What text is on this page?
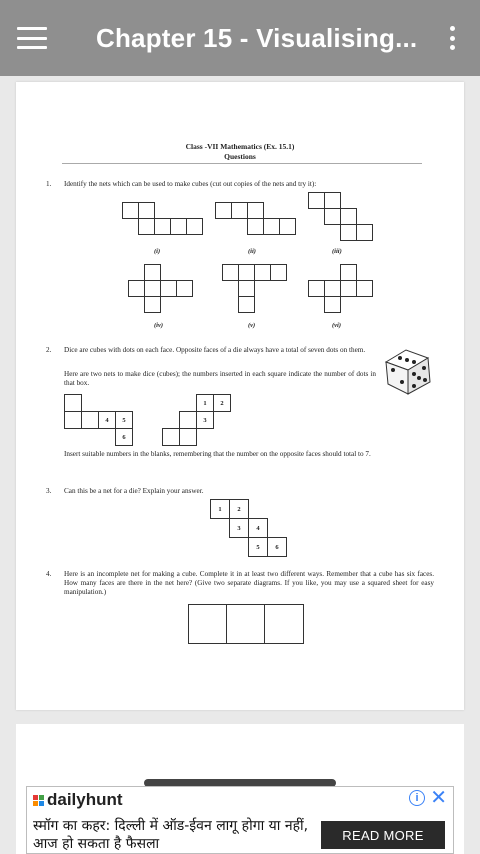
Chapter 15 - Visualising...
Class -VII Mathematics (Ex. 15.1)
Questions
1. Identify the nets which can be used to make cubes (cut out copies of the nets and try it):
(i)	(ii)	(iii)
(iv)	(v)	(vi)
2. Dice are cubes with dots on each face. Opposite faces of a die always have a total of seven dots on them.
Here are two nets to make dice (cubes); the numbers inserted in each square indicate the number of dots in that box.
4	5
6
1	2
3
Insert suitable numbers in the blanks, remembering that the number on the opposite faces should total to 7.
3. Can this be a net for a die? Explain your answer.
1	2
3	4
5	6
4. Here is an incomplete net for making a cube. Complete it in at least two different ways. Remember that a cube has six faces. How many faces are there in the net here? (Give two separate diagrams. If you like, you may use a squared sheet for easy manipulation.)
dailyhunt	i ✕
स्मॉग का कहर: दिल्ली में ऑड-ईवन लागू होगा या नहीं, आज हो सकता है फैसला
READ MORE
